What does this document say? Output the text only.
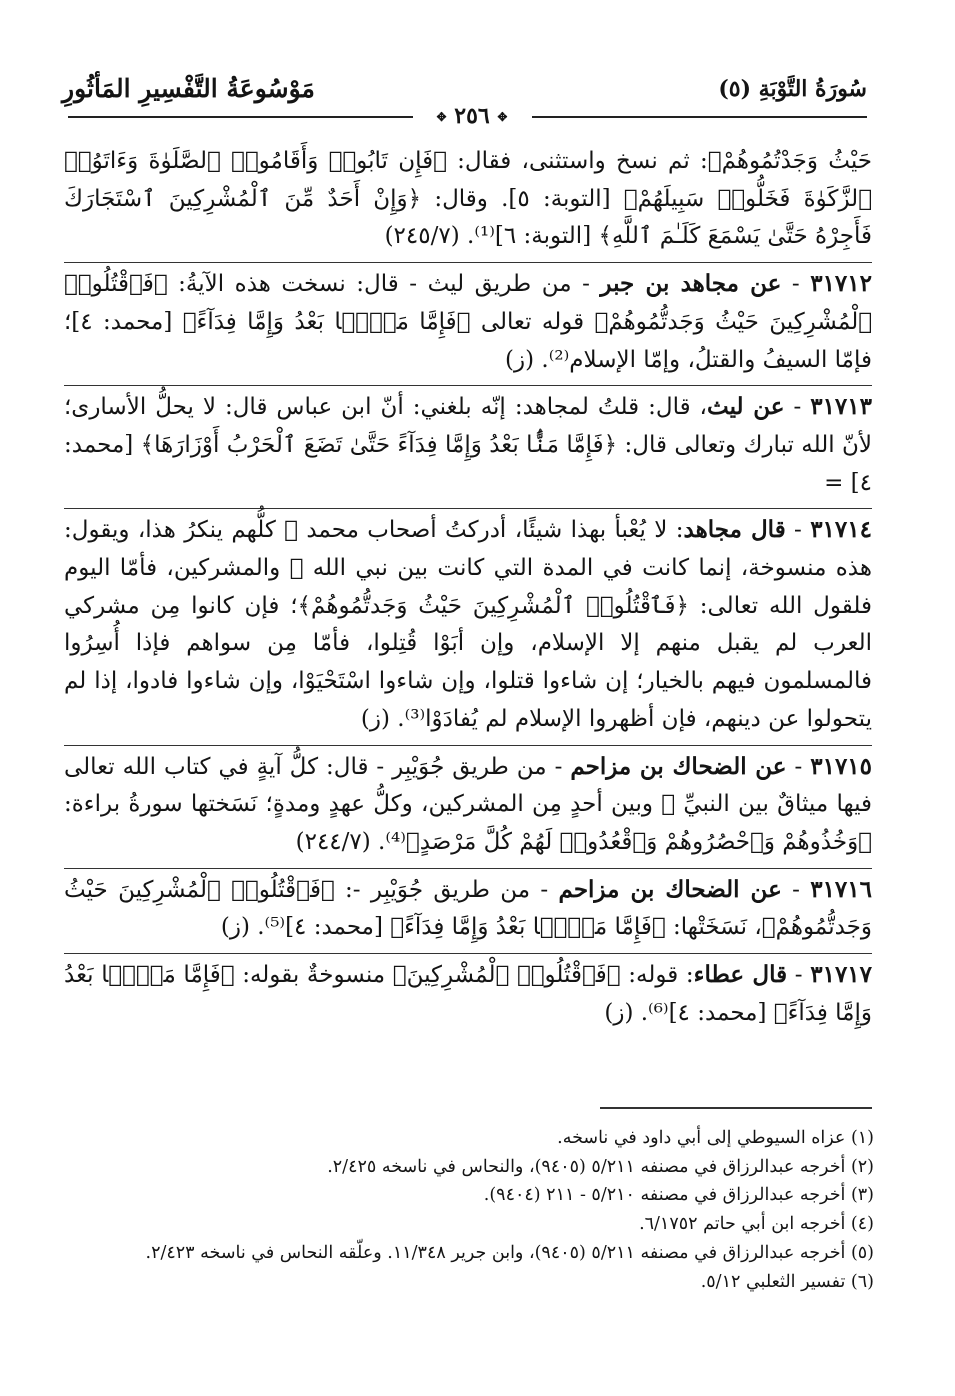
مَوْسُوعَةُ التَّفْسِيرِ المَأثُورِ	سُورَةُ التَّوْبَةِ (٥)
✥ ٢٥٦ ✥

حَيْثُ وَجَدْتُمُوهُمْ﴾: ثم نسخ واستثنى، فقال: ﴿فَإِن تَابُوا۟ وَأَقَامُوا۟ ٱلصَّلَوٰةَ وَءَاتَوُا۟ ٱلزَّكَوٰةَ فَخَلُّوا۟ سَبِيلَهُمْ﴾ [التوبة: ٥]. وقال: ﴿وَإِنْ أَحَدٌ مِّنَ ٱلْمُشْرِكِينَ ٱسْتَجَارَكَ فَأَجِرْهُ حَتَّىٰ يَسْمَعَ كَلَـٰمَ ٱللَّهِ﴾ [التوبة: ٦]⁽¹⁾. (٢٤٥/٧)

٣١٧١٢ - عن مجاهد بن جبر - من طريق ليث - قال: نسخت هذه الآيةُ: ﴿فَٱقْتُلُوا۟ ٱلْمُشْرِكِينَ حَيْثُ وَجَدتُّمُوهُمْ﴾ قوله تعالى ﴿فَإِمَّا مَنًّۢا بَعْدُ وَإِمَّا فِدَآءً﴾ [محمد: ٤]؛ فإمّا السيفُ والقتلُ، وإمّا الإسلام⁽²⁾. (ز)

٣١٧١٣ - عن ليث، قال: قلتُ لمجاهد: إنّه بلغني: أنّ ابن عباس قال: لا يحلُّ الأسارى؛ لأنّ الله تبارك وتعالى قال: ﴿فَإِمَّا مَنًّۢا بَعْدُ وَإِمَّا فِدَآءً حَتَّىٰ تَضَعَ ٱلْحَرْبُ أَوْزَارَهَا﴾ [محمد: ٤] =

٣١٧١٤ - قال مجاهد: لا يُعْبأ بهذا شيئًا، أدركتُ أصحاب محمد ﷺ كلُّهم ينكرُ هذا، ويقول: هذه منسوخة، إنما كانت في المدة التي كانت بين نبي الله ﷺ والمشركين، فأمّا اليوم فلقول الله تعالى: ﴿فَٱقْتُلُوا۟ ٱلْمُشْرِكِينَ حَيْثُ وَجَدتُّمُوهُمْ﴾؛ فإن كانوا مِن مشركي العرب لم يقبل منهم إلا الإسلام، وإن أبَوْا قُتِلوا، فأمّا مِن سواهم فإذا أُسِرُوا فالمسلمون فيهم بالخيار؛ إن شاءوا قتلوا، وإن شاءوا اسْتَحْيَوْا، وإن شاءوا فادوا، إذا لم يتحولوا عن دينهم، فإن أظهروا الإسلام لم يُفادَوْا⁽³⁾. (ز)

٣١٧١٥ - عن الضحاك بن مزاحم - من طريق جُوَيْبِر - قال: كلُّ آيةٍ في كتاب الله تعالى فيها ميثاقٌ بين النبيِّ ﷺ وبين أحدٍ مِن المشركين، وكلُّ عهدٍ ومدةٍ؛ نَسَختها سورةُ براءة: ﴿وَخُذُوهُمْ وَٱحْصُرُوهُمْ وَٱقْعُدُوا۟ لَهُمْ كُلَّ مَرْصَدٍ﴾⁽⁴⁾. (٢٤٤/٧)

٣١٧١٦ - عن الضحاك بن مزاحم - من طريق جُوَيْبِر -: ﴿فَٱقْتُلُوا۟ ٱلْمُشْرِكِينَ حَيْثُ وَجَدتُّمُوهُمْ﴾، نَسَخَتْها: ﴿فَإِمَّا مَنًّۢا بَعْدُ وَإِمَّا فِدَآءً﴾ [محمد: ٤]⁽⁵⁾. (ز)

٣١٧١٧ - قال عطاء: قوله: ﴿فَٱقْتُلُوا۟ ٱلْمُشْرِكِينَ﴾ منسوخةٌ بقوله: ﴿فَإِمَّا مَنًّۢا بَعْدُ وَإِمَّا فِدَآءً﴾ [محمد: ٤]⁽⁶⁾. (ز)

(١) عزاه السيوطي إلى أبي داود في ناسخه.
(٢) أخرجه عبدالرزاق في مصنفه ٥/٢١١ (٩٤٠٥)، والنحاس في ناسخه ٢/٤٢٥.
(٣) أخرجه عبدالرزاق في مصنفه ٥/٢١٠ - ٢١١ (٩٤٠٤).
(٤) أخرجه ابن أبي حاتم ٦/١٧٥٢.
(٥) أخرجه عبدالرزاق في مصنفه ٥/٢١١ (٩٤٠٥)، وابن جرير ١١/٣٤٨. وعلّقه النحاس في ناسخه ٢/٤٢٣.
(٦) تفسير الثعلبي ٥/١٢.
